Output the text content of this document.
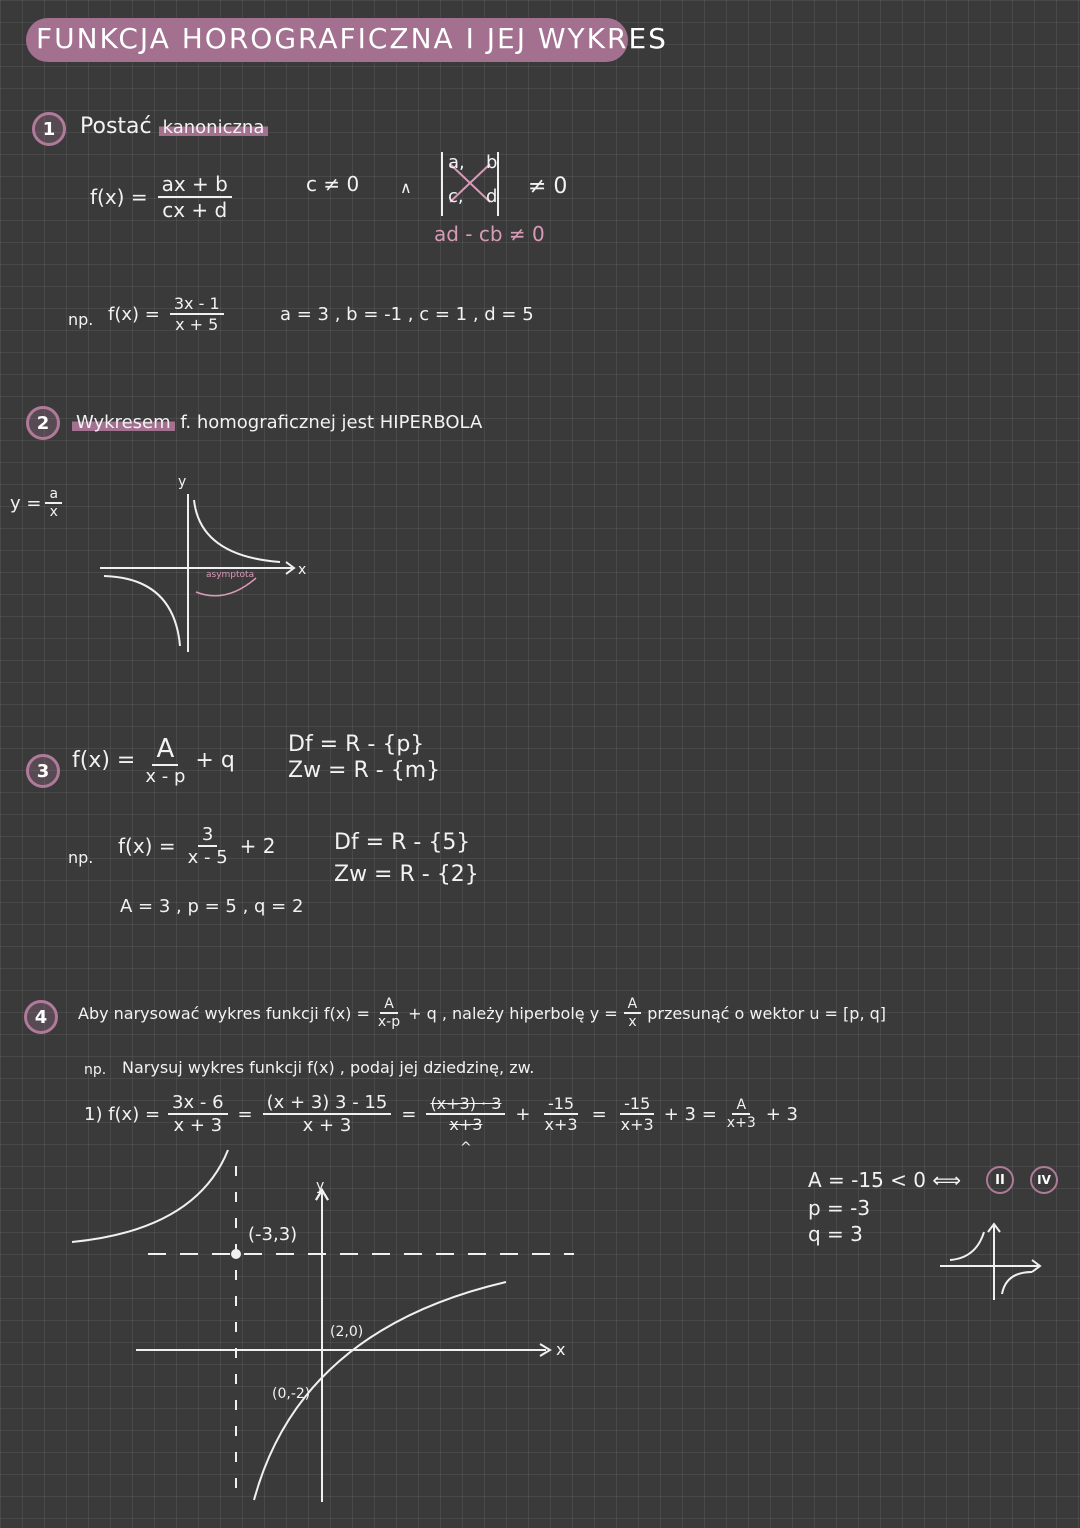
FUNKCJA HOROGRAFICZNA I JEJ WYKRES
1	Postać kanoniczna
$f(x) = \frac{ax + b}{cx + d}$	c ≠ 0	∧
a, b
c, d ≠ 0
ad - cb ≠ 0
np. $f(x) = \frac{3x - 1}{x + 5}$	a = 3 , b = -1 , c = 1 , d = 5
2	Wykresem f. homograficznej jest HIPERBOLA
$y = \frac{a}{x}$
y
x
asymptota
3	$f(x) = \frac{A}{x - p} + q$
Df = R - {p}
Zw = R - {m}
np. $f(x) = \frac{3}{x - 5} + 2$	Df = R - {5}
Zw = R - {2}
A = 3 , p = 5 , q = 2
4	Aby narysować wykres funkcji $f(x) = \frac{A}{x-p} + q$ , należy hiperbolę $y = \frac{A}{x}$ przesunąć o wektor u = [p, q]
np. Narysuj wykres funkcji f(x) , podaj jej dziedzinę, zw.
1) $f(x) = \frac{3x - 6}{x + 3} = \frac{(x + 3) 3 - 15}{x + 3} = \frac{(x+3) \cdot 3}{x+3} + \frac{-15}{x+3} = \frac{-15}{x+3} + 3 = \frac{A}{x+3} + 3$
^
A = -15 < 0 ⟺	II	IV
p = -3
q = 3
y
x
(-3,3)
(2,0)
(0,-2)
